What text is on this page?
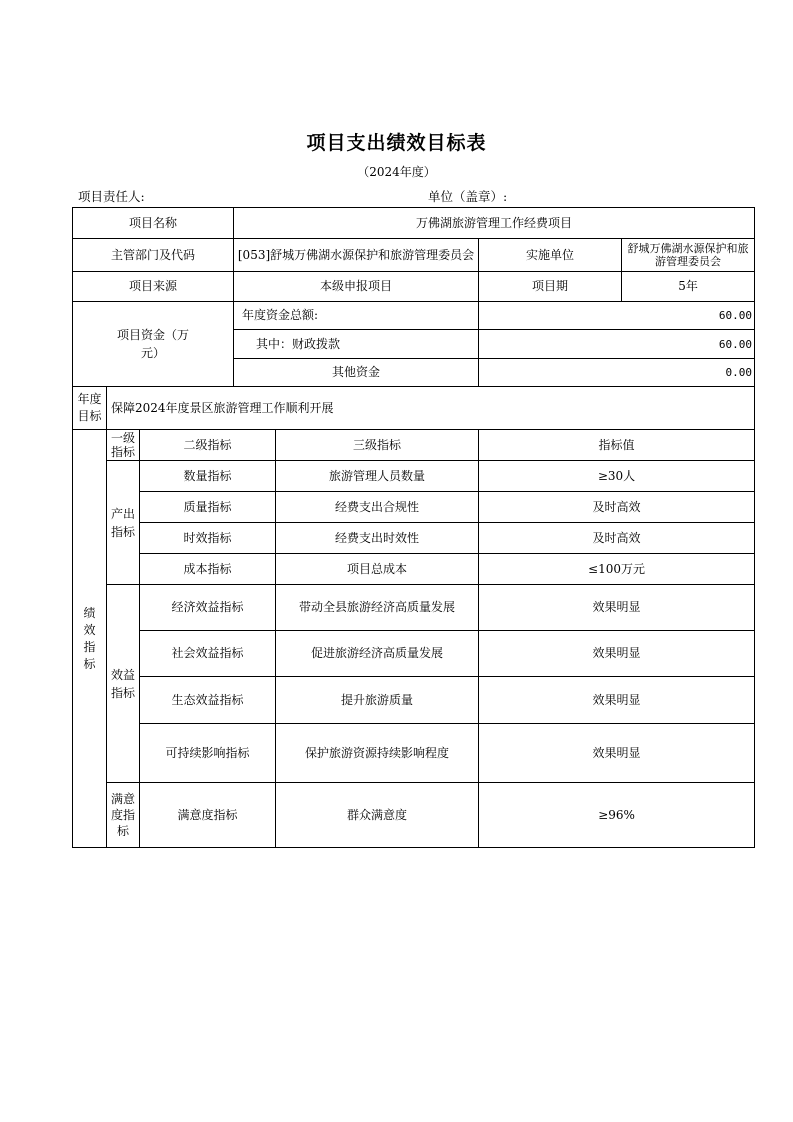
项目支出绩效目标表
（2024年度）
项目责任人:	单位（盖章）:
项目名称			万佛湖旅游管理工作经费项目			
主管部门及代码			[053]舒城万佛湖水源保护和旅游管理委员会		实施单位	舒城万佛湖水源保护和旅游管理委员会
项目来源			本级申报项目		项目期	5年

项目资金（万元）			年度资金总额:		60.00	
			其中：财政拨款		60.00	
			其他资金		0.00	

年度目标	保障2024年度景区旅游管理工作顺利开展					

绩效指标	一级指标	二级指标		三级指标	指标值	

	产出指标	数量指标		旅游管理人员数量	≥30人	
		质量指标		经费支出合规性	及时高效	
		时效指标		经费支出时效性	及时高效	
		成本指标		项目总成本	≤100万元	

	效益指标	经济效益指标		带动全县旅游经济高质量发展	效果明显	
		社会效益指标		促进旅游经济高质量发展	效果明显	
		生态效益指标		提升旅游质量	效果明显	
		可持续影响指标		保护旅游资源持续影响程度	效果明显	

	满意度指标	满意度指标		群众满意度	≥96%	
